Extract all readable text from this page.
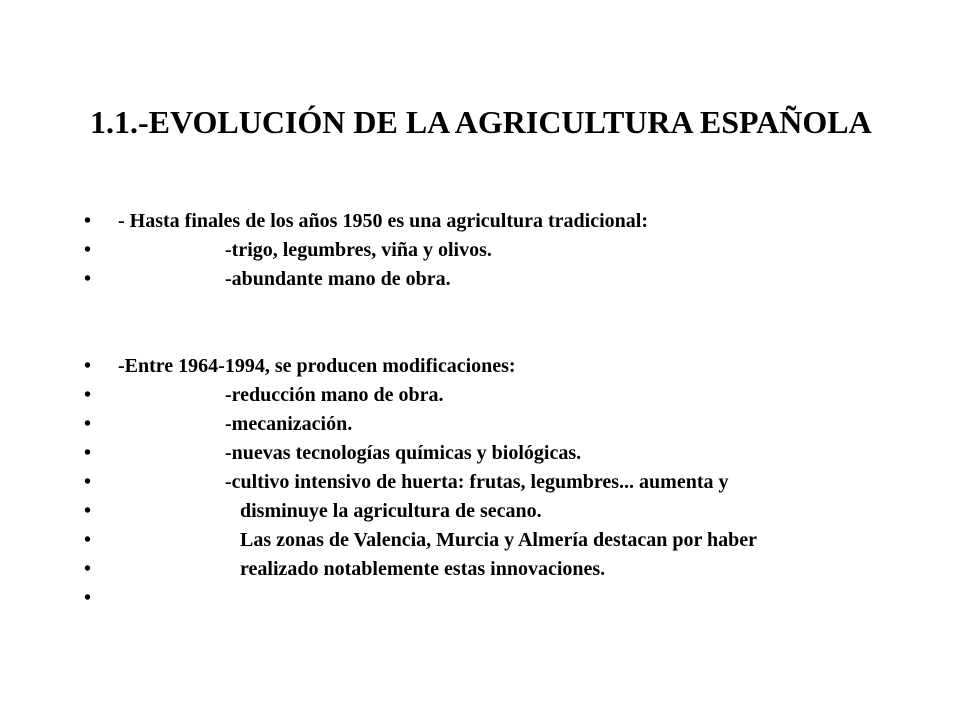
1.1.-EVOLUCIÓN DE LA AGRICULTURA ESPAÑOLA
•	- Hasta finales de los años 1950 es una agricultura tradicional:
•	-trigo, legumbres, viña y olivos.
•	-abundante mano de obra.
•	-Entre 1964-1994, se producen modificaciones:
•	-reducción mano de obra.
•	-mecanización.
•	-nuevas tecnologías químicas y biológicas.
•	-cultivo intensivo de huerta: frutas, legumbres... aumenta y
•	disminuye la agricultura de secano.
•	Las zonas de Valencia, Murcia y Almería destacan por haber
•	realizado notablemente estas innovaciones.
•
